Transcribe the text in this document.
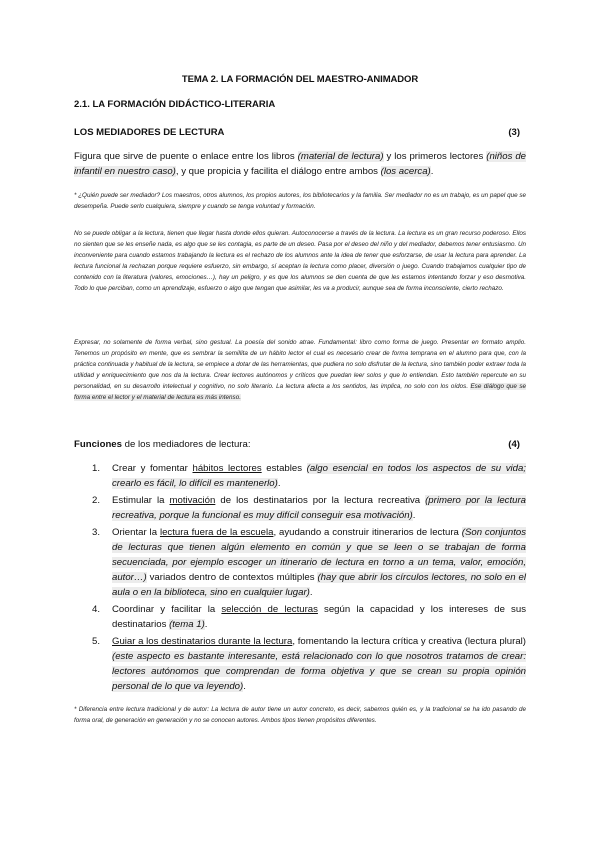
TEMA 2. LA FORMACIÓN DEL MAESTRO-ANIMADOR
2.1. LA FORMACIÓN DIDÁCTICO-LITERARIA
LOS MEDIADORES DE LECTURA	(3)
Figura que sirve de puente o enlace entre los libros (material de lectura) y los primeros lectores (niños de infantil en nuestro caso), y que propicia y facilita el diálogo entre ambos (los acerca).
* ¿Quién puede ser mediador? Los maestros, otros alumnos, los propios autores, los bibliotecarios y la familia. Ser mediador no es un trabajo, es un papel que se desempeña. Puede serlo cualquiera, siempre y cuando se tenga voluntad y formación.
No se puede obligar a la lectura, tienen que llegar hasta donde ellos quieran. Autoconocerse a través de la lectura. La lectura es un gran recurso poderoso. Ellos no sienten que se les enseñe nada, es algo que se les contagia, es parte de un deseo. Pasa por el deseo del niño y del mediador, debemos tener entusiasmo. Un inconveniente para cuando estamos trabajando la lectura es el rechazo de los alumnos ante la idea de tener que esforzarse, de usar la lectura para aprender. La lectura funcional la rechazan porque requiere esfuerzo, sin embargo, sí aceptan la lectura como placer, diversión o juego. Cuando trabajamos cualquier tipo de contenido con la literatura (valores, emociones…), hay un peligro, y es que los alumnos se den cuenta de que les estamos intentando forzar y eso desmotiva. Todo lo que perciban, como un aprendizaje, esfuerzo o algo que tengan que asimilar, les va a producir, aunque sea de forma inconsciente, cierto rechazo.
Expresar, no solamente de forma verbal, sino gestual. La poesía del sonido atrae. Fundamental: libro como forma de juego. Presentar en formato amplio. Tenemos un propósito en mente, que es sembrar la semillita de un hábito lector el cual es necesario crear de forma temprana en el alumno para que, con la práctica continuada y habitual de la lectura, se empiece a dotar de las herramientas, que pudiera no solo disfrutar de la lectura, sino también poder extraer toda la utilidad y enriquecimiento que nos da la lectura. Crear lectores autónomos y críticos que puedan leer solos y que lo entiendan. Esto también repercute en su personalidad, en su desarrollo intelectual y cognitivo, no solo literario. La lectura afecta a los sentidos, las implica, no solo con los oídos. Ese diálogo que se forma entre el lector y el material de lectura es más intenso.
Funciones de los mediadores de lectura:	(4)
1. Crear y fomentar hábitos lectores estables (algo esencial en todos los aspectos de su vida; crearlo es fácil, lo difícil es mantenerlo).
2. Estimular la motivación de los destinatarios por la lectura recreativa (primero por la lectura recreativa, porque la funcional es muy difícil conseguir esa motivación).
3. Orientar la lectura fuera de la escuela, ayudando a construir itinerarios de lectura (Son conjuntos de lecturas que tienen algún elemento en común y que se leen o se trabajan de forma secuenciada, por ejemplo escoger un itinerario de lectura en torno a un tema, valor, emoción, autor…) variados dentro de contextos múltiples (hay que abrir los círculos lectores, no solo en el aula o en la biblioteca, sino en cualquier lugar).
4. Coordinar y facilitar la selección de lecturas según la capacidad y los intereses de sus destinatarios (tema 1).
5. Guiar a los destinatarios durante la lectura, fomentando la lectura crítica y creativa (lectura plural) (este aspecto es bastante interesante, está relacionado con lo que nosotros tratamos de crear: lectores autónomos que comprendan de forma objetiva y que se crean su propia opinión personal de lo que va leyendo).
* Diferencia entre lectura tradicional y de autor: La lectura de autor tiene un autor concreto, es decir, sabemos quién es, y la tradicional se ha ido pasando de forma oral, de generación en generación y no se conocen autores. Ambos tipos tienen propósitos diferentes.
